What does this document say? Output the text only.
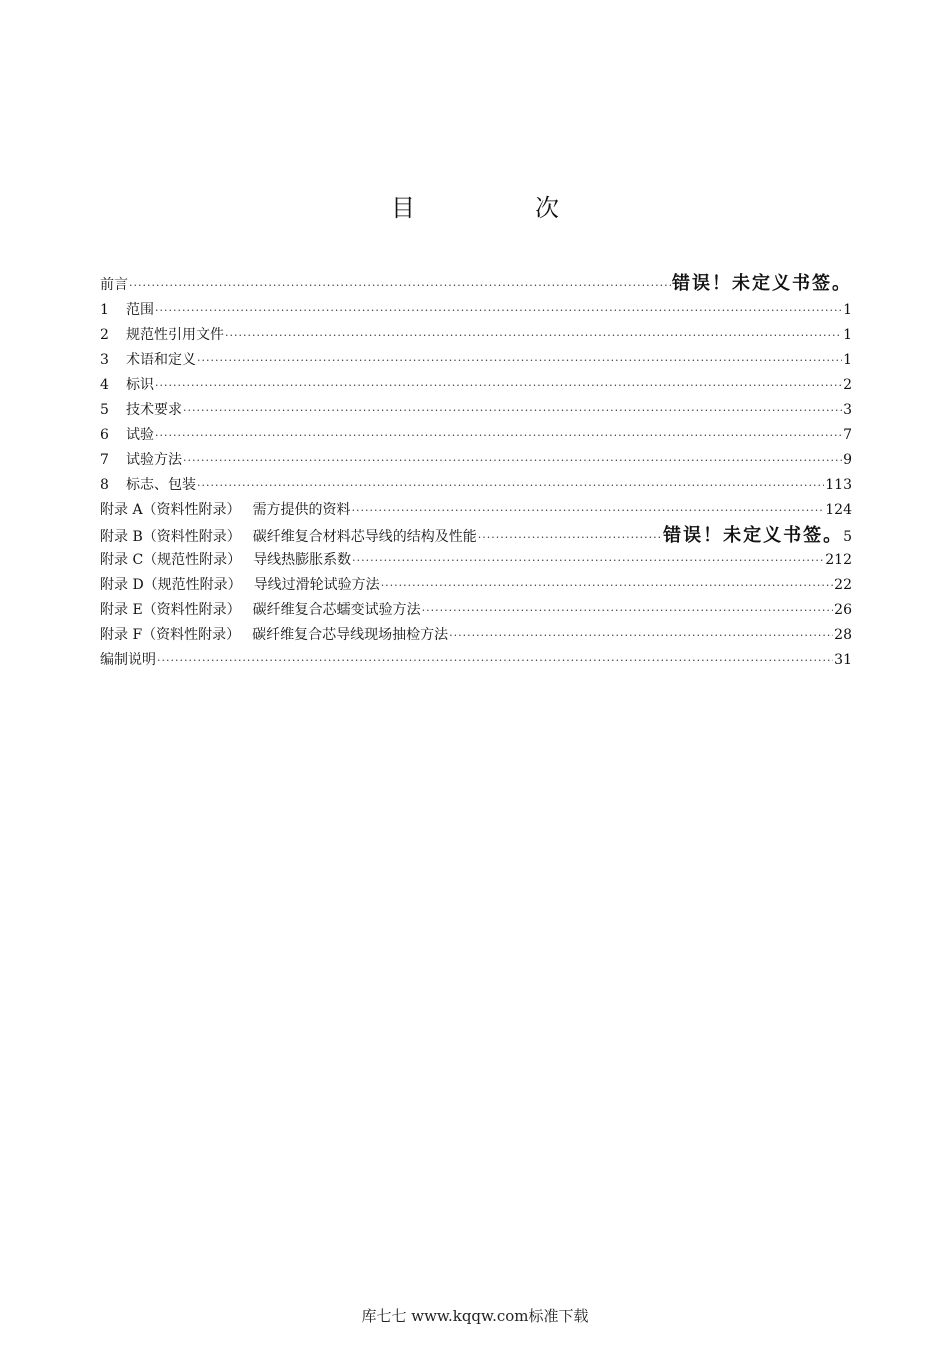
目　次
前言 ·····	错误！未定义书签。
1	范围 ·····	1
2	规范性引用文件 ·····	1
3	术语和定义 ·····	1
4	标识 ·····	2
5	技术要求 ·····	3
6	试验 ·····	7
7	试验方法 ·····	9
8	标志、包装 ·····	113
附录 A（资料性附录） 需方提供的资料 ·····	124
附录 B（资料性附录） 碳纤维复合材料芯导线的结构及性能 ·····	错误！未定义书签。 5
附录 C（规范性附录） 导线热膨胀系数 ·····	212
附录 D（规范性附录） 导线过滑轮试验方法 ·····	22
附录 E（资料性附录） 碳纤维复合芯蠕变试验方法 ·····	26
附录 F（资料性附录） 碳纤维复合芯导线现场抽检方法 ·····	28
编制说明 ·····	31
库七七 www.kqqw.com标准下载
